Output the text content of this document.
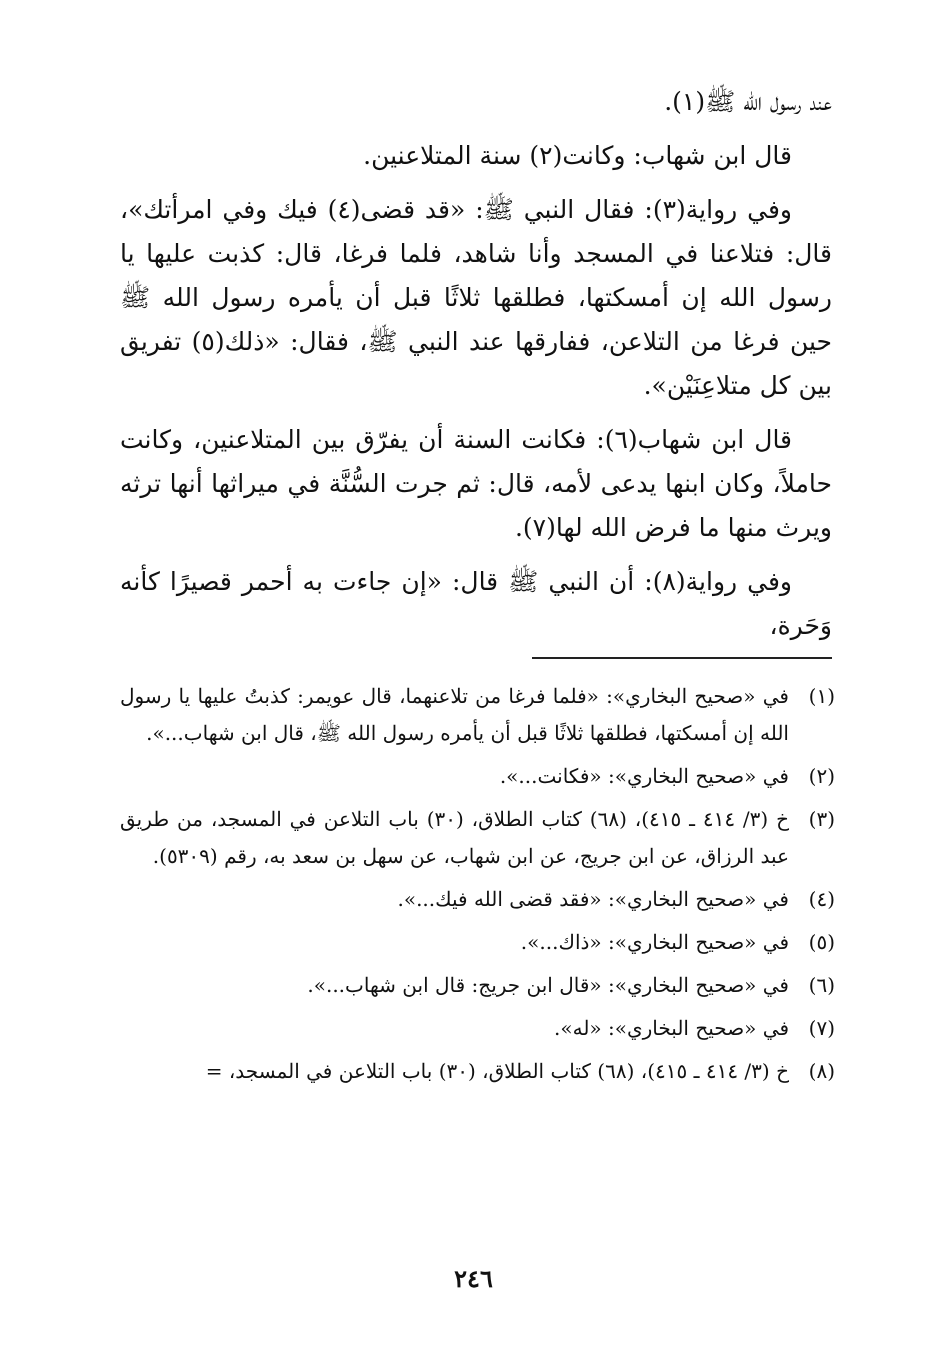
عند رسول الله ﷺ(١).

قال ابن شهاب: وكانت(٢) سنة المتلاعنين.

وفي رواية(٣): فقال النبي ﷺ: «قد قضى(٤) فيك وفي امرأتك»، قال: فتلاعنا في المسجد وأنا شاهد، فلما فرغا، قال: كذبت عليها يا رسول الله إن أمسكتها، فطلقها ثلاثًا قبل أن يأمره رسول الله ﷺ حين فرغا من التلاعن، ففارقها عند النبي ﷺ، فقال: «ذلك(٥) تفريق بين كل متلاعِنَيْن».

قال ابن شهاب(٦): فكانت السنة أن يفرّق بين المتلاعنين، وكانت حاملاً، وكان ابنها يدعى لأمه، قال: ثم جرت السُّنَّة في ميراثها أنها ترثه ويرث منها ما فرض الله لها(٧).

وفي رواية(٨): أن النبي ﷺ قال: «إن جاءت به أحمر قصيرًا كأنه وَحَرة،

(١)
في «صحيح البخاري»: «فلما فرغا من تلاعنهما، قال عويمر: كذبتُ عليها يا رسول الله إن أمسكتها، فطلقها ثلاثًا قبل أن يأمره رسول الله ﷺ، قال ابن شهاب...».
(٢)
في «صحيح البخاري»: «فكانت...».
(٣)
خ (٣/ ٤١٤ ـ ٤١٥)، (٦٨) كتاب الطلاق، (٣٠) باب التلاعن في المسجد، من طريق عبد الرزاق، عن ابن جريج، عن ابن شهاب، عن سهل بن سعد به، رقم (٥٣٠٩).
(٤)
في «صحيح البخاري»: «فقد قضى الله فيك...».
(٥)
في «صحيح البخاري»: «ذاك...».
(٦)
في «صحيح البخاري»: «قال ابن جريج: قال ابن شهاب...».
(٧)
في «صحيح البخاري»: «له».
(٨)
خ (٣/ ٤١٤ ـ ٤١٥)، (٦٨) كتاب الطلاق، (٣٠) باب التلاعن في المسجد، =
٢٤٦
